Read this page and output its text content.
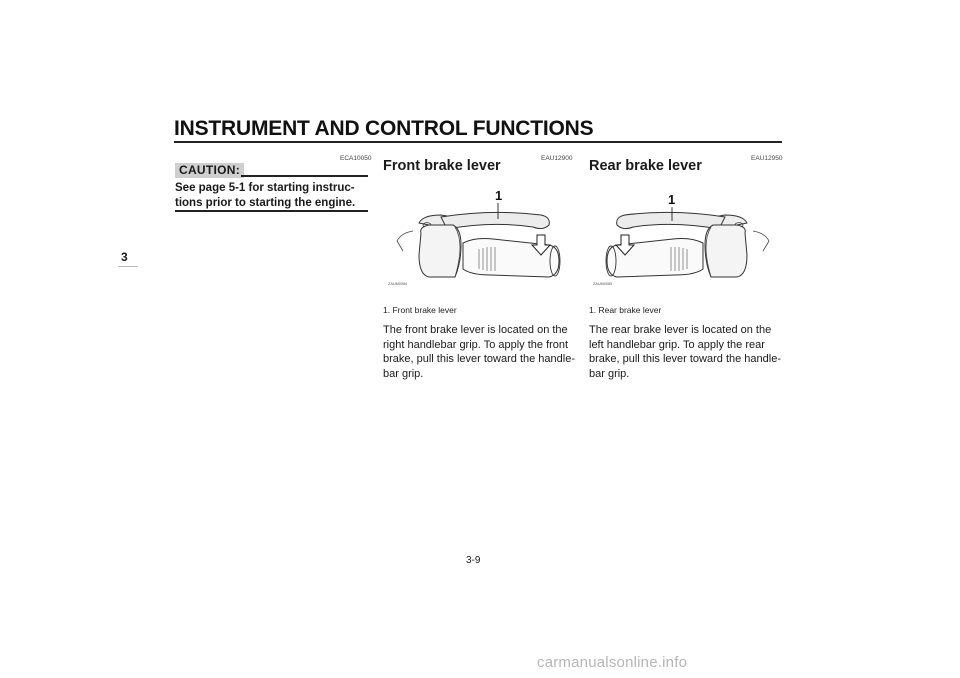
INSTRUMENT AND CONTROL FUNCTIONS
3
ECA10050
CAUTION:
See page 5-1 for starting instruc-
tions prior to starting the engine.
EAU12900
Front brake lever
1
ZAUM0084
1. Front brake lever
The front brake lever is located on the
right handlebar grip. To apply the front
brake, pull this lever toward the handle-
bar grip.
EAU12950
Rear brake lever
1
ZAUM0085
1. Rear brake lever
The rear brake lever is located on the
left handlebar grip. To apply the rear
brake, pull this lever toward the handle-
bar grip.
3-9
carmanualsonline.info
